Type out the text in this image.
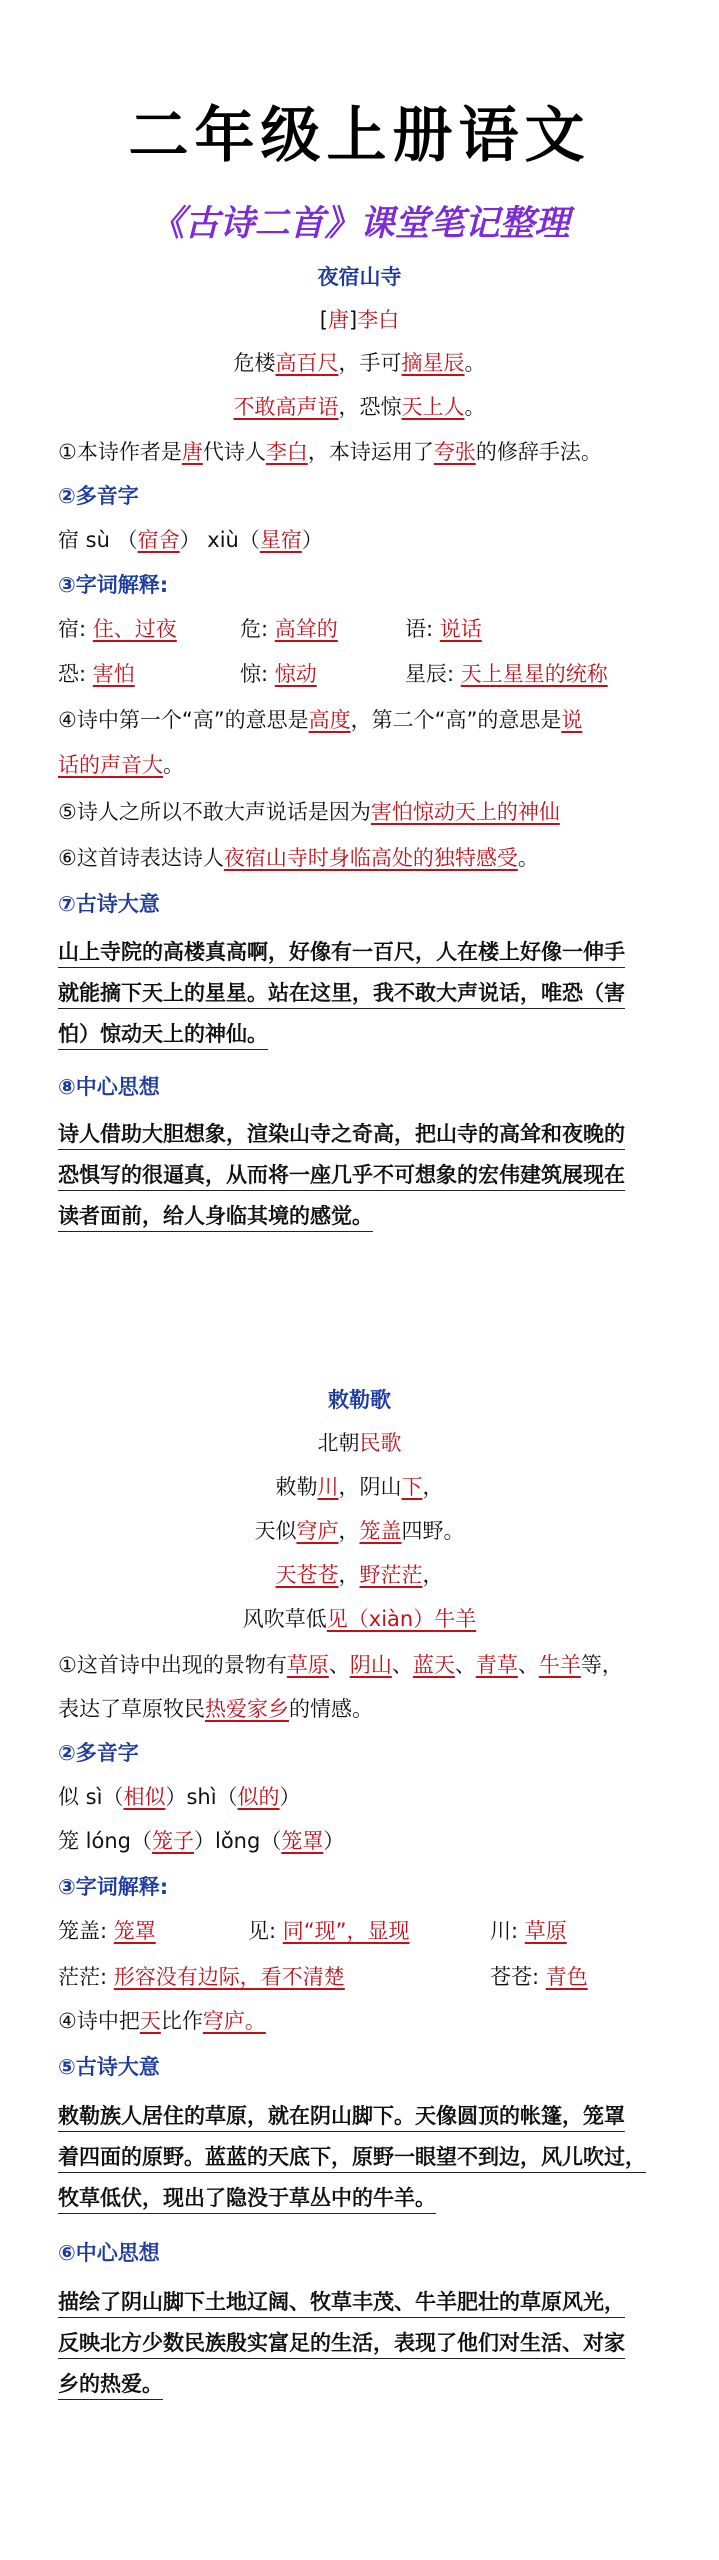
二年级上册语文
《古诗二首》课堂笔记整理
夜宿山寺
[唐]李白
危楼高百尺，手可摘星辰。
不敢高声语，恐惊天上人。
①本诗作者是唐代诗人李白，本诗运用了夸张的修辞手法。
②多音字
宿 sù （宿舍） xiù（星宿）
③字词解释:
宿: 住、过夜	危: 高耸的	语: 说话
恐: 害怕	惊: 惊动	星辰: 天上星星的统称
④诗中第一个“高”的意思是高度，第二个“高”的意思是说
话的声音大。
⑤诗人之所以不敢大声说话是因为害怕惊动天上的神仙
⑥这首诗表达诗人夜宿山寺时身临高处的独特感受。
⑦古诗大意
山上寺院的高楼真高啊，好像有一百尺，人在楼上好像一伸手
就能摘下天上的星星。站在这里，我不敢大声说话，唯恐（害
怕）惊动天上的神仙。
⑧中心思想
诗人借助大胆想象，渲染山寺之奇高，把山寺的高耸和夜晚的
恐惧写的很逼真，从而将一座几乎不可想象的宏伟建筑展现在
读者面前，给人身临其境的感觉。
敕勒歌
北朝民歌
敕勒川，阴山下，
天似穹庐，笼盖四野。
天苍苍，野茫茫，
风吹草低见（xiàn）牛羊
①这首诗中出现的景物有草原、阴山、蓝天、青草、牛羊等，
表达了草原牧民热爱家乡的情感。
②多音字
似 sì（相似）shì（似的）
笼 lóng（笼子）lǒng（笼罩）
③字词解释:
笼盖: 笼罩	见: 同“现”，显现	川: 草原
茫茫: 形容没有边际，看不清楚	苍苍: 青色
④诗中把天比作穹庐。
⑤古诗大意
敕勒族人居住的草原，就在阴山脚下。天像圆顶的帐篷，笼罩
着四面的原野。蓝蓝的天底下，原野一眼望不到边，风儿吹过，
牧草低伏，现出了隐没于草丛中的牛羊。
⑥中心思想
描绘了阴山脚下土地辽阔、牧草丰茂、牛羊肥壮的草原风光，
反映北方少数民族殷实富足的生活，表现了他们对生活、对家
乡的热爱。
